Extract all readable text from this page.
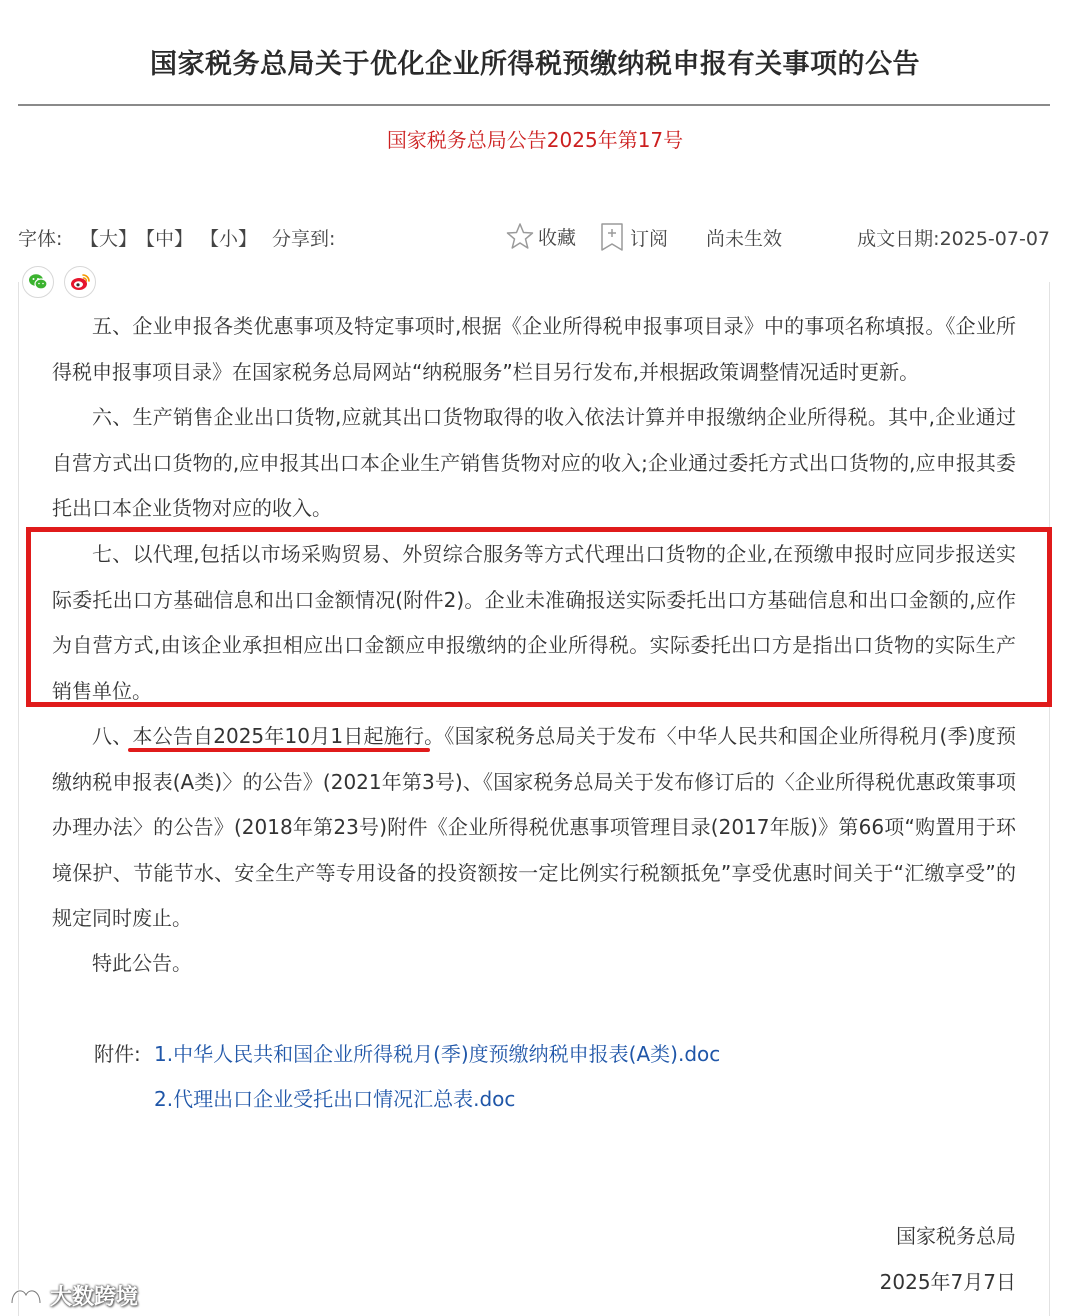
国家税务总局关于优化企业所得税预缴纳税申报有关事项的公告
国家税务总局公告2025年第17号
字体: 【大】
【中】 【小】 分享到:	收藏	订阅 尚未生效	成文日期:2025-07-07
五、企业申报各类优惠事项及特定事项时,根据《企业所得税申报事项目录》中的事项名称填报。《企业所得税申报事项目录》在国家税务总局网站“纳税服务”栏目另行发布,并根据政策调整情况适时更新。
六、生产销售企业出口货物,应就其出口货物取得的收入依法计算并申报缴纳企业所得税。其中,企业通过自营方式出口货物的,应申报其出口本企业生产销售货物对应的收入;企业通过委托方式出口货物的,应申报其委托出口本企业货物对应的收入。
七、以代理,包括以市场采购贸易、外贸综合服务等方式代理出口货物的企业,在预缴申报时应同步报送实际委托出口方基础信息和出口金额情况(附件2)。企业未准确报送实际委托出口方基础信息和出口金额的,应作为自营方式,由该企业承担相应出口金额应申报缴纳的企业所得税。实际委托出口方是指出口货物的实际生产销售单位。
八、本公告自2025年10月1日起施行。《国家税务总局关于发布〈中华人民共和国企业所得税月(季)度预缴纳税申报表(A类)〉的公告》(2021年第3号)、《国家税务总局关于发布修订后的〈企业所得税优惠政策事项办理办法〉的公告》(2018年第23号)附件《企业所得税优惠事项管理目录(2017年版)》第66项“购置用于环境保护、节能节水、安全生产等专用设备的投资额按一定比例实行税额抵免”享受优惠时间关于“汇缴享受”的规定同时废止。
特此公告。
附件: 1.中华人民共和国企业所得税月(季)度预缴纳税申报表(A类).doc
2.代理出口企业受托出口情况汇总表.doc
国家税务总局
2025年7月7日
大数跨境
